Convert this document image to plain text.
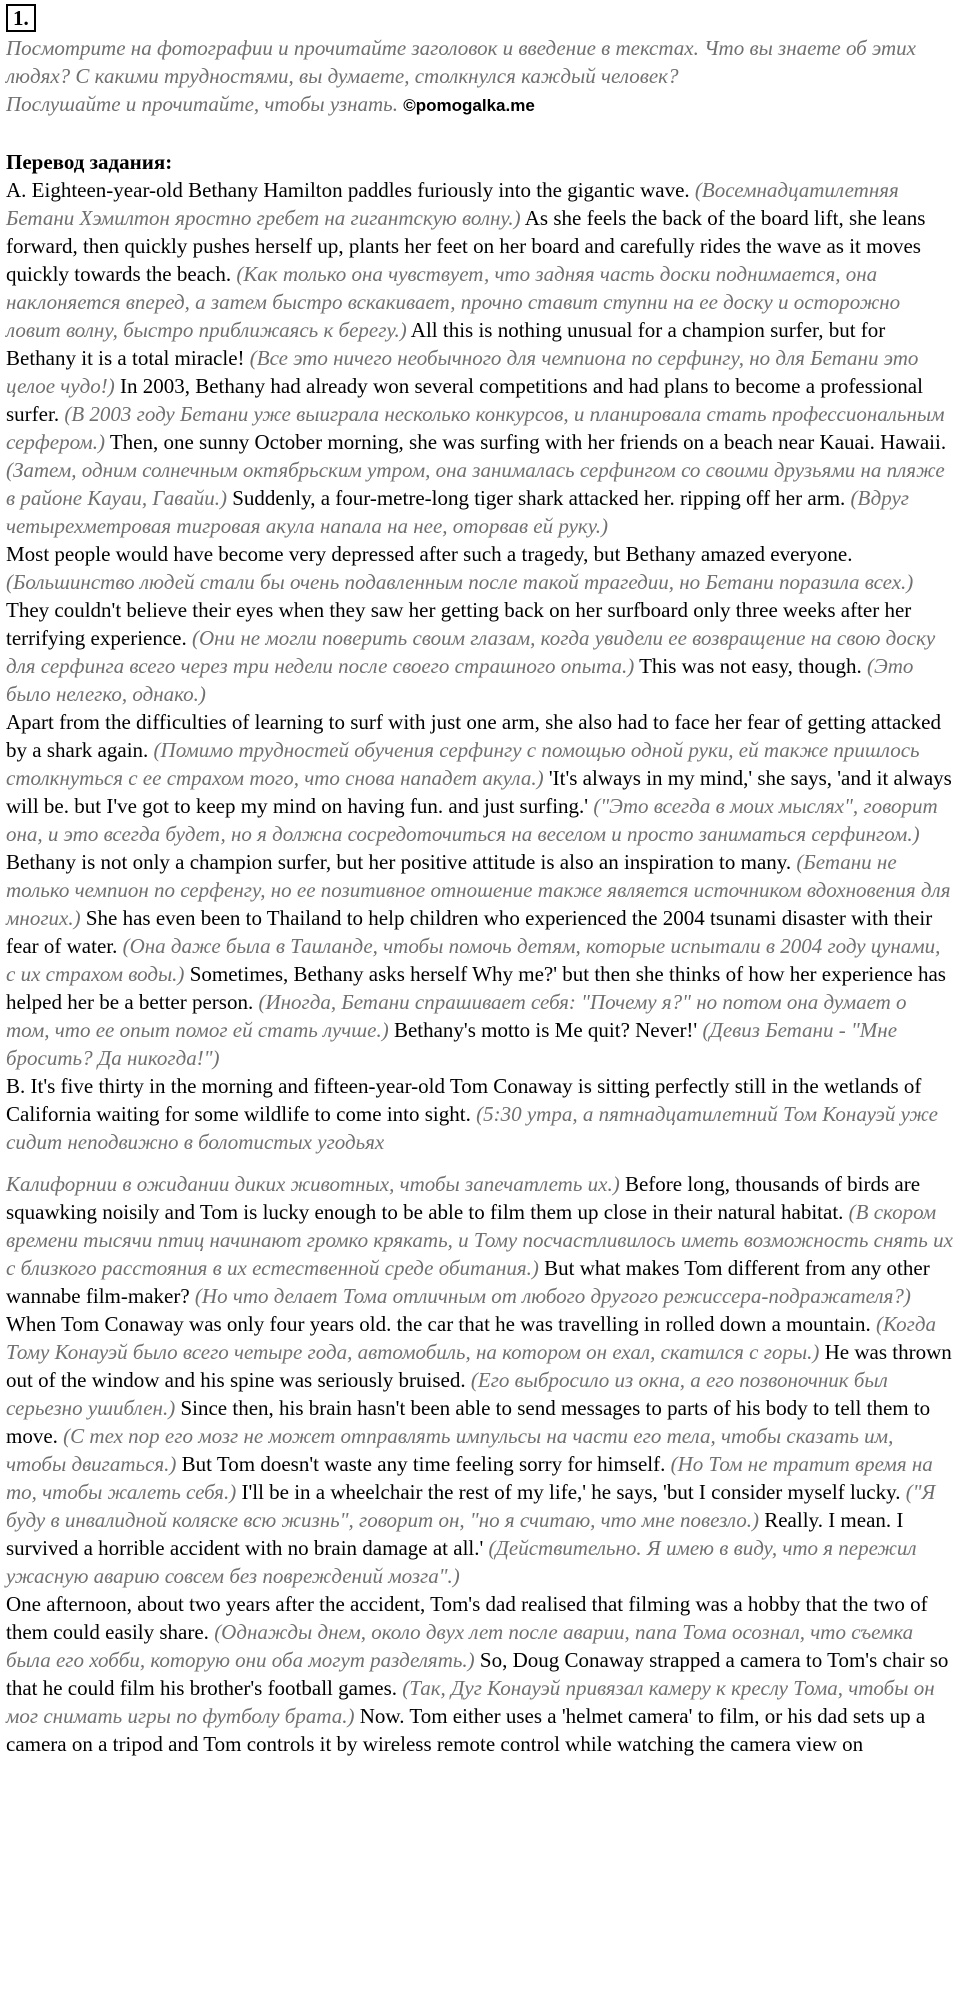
1.

Посмотрите на фотографии и прочитайте заголовок и введение в текстах. Что вы знаете об этих людях? С какими трудностями, вы думаете, столкнулся каждый человек?

Послушайте и прочитайте, чтобы узнать. ©pomogalka.me

Перевод задания:

A. Eighteen-year-old Bethany Hamilton paddles furiously into the gigantic wave. (Восемнадцатилетняя Бетани Хэмилтон яростно гребет на гигантскую волну.) As she feels the back of the board lift, she leans forward, then quickly pushes herself up, plants her feet on her board and carefully rides the wave as it moves quickly towards the beach. (Как только она чувствует, что задняя часть доски поднимается, она наклоняется вперед, а затем быстро вскакивает, прочно ставит ступни на ее доску и осторожно ловит волну, быстро приближаясь к берегу.) All this is nothing unusual for a champion surfer, but for Bethany it is a total miracle! (Все это ничего необычного для чемпиона по серфингу, но для Бетани это целое чудо!) In 2003, Bethany had already won several competitions and had plans to become a professional surfer. (В 2003 году Бетани уже выиграла несколько конкурсов, и планировала стать профессиональным серфером.) Then, one sunny October morning, she was surfing with her friends on a beach near Kauai. Hawaii. (Затем, одним солнечным октябрьским утром, она занималась серфингом со своими друзьями на пляже в районе Кауаи, Гавайи.) Suddenly, a four-metre-long tiger shark attacked her. ripping off her arm. (Вдруг четырехметровая тигровая акула напала на нее, оторвав ей руку.)

Most people would have become very depressed after such a tragedy, but Bethany amazed everyone. (Большинство людей стали бы очень подавленным после такой трагедии, но Бетани поразила всех.) They couldn't believe their eyes when they saw her getting back on her surfboard only three weeks after her terrifying experience. (Они не могли поверить своим глазам, когда увидели ее возвращение на свою доску для серфинга всего через три недели после своего страшного опыта.) This was not easy, though. (Это было нелегко, однако.)

Apart from the difficulties of learning to surf with just one arm, she also had to face her fear of getting attacked by a shark again. (Помимо трудностей обучения серфингу с помощью одной руки, ей также пришлось столкнуться с ее страхом того, что снова нападет акула.) 'It's always in my mind,' she says, 'and it always will be. but I've got to keep my mind on having fun. and just surfing.' ("Это всегда в моих мыслях", говорит она, и это всегда будет, но я должна сосредоточиться на веселом и просто заниматься серфингом.) Bethany is not only a champion surfer, but her positive attitude is also an inspiration to many. (Бетани не только чемпион по серфенгу, но ее позитивное отношение также является источником вдохновения для многих.) She has even been to Thailand to help children who experienced the 2004 tsunami disaster with their fear of water. (Она даже была в Таиланде, чтобы помочь детям, которые испытали в 2004 году цунами, с их страхом воды.) Sometimes, Bethany asks herself Why me?' but then she thinks of how her experience has helped her be a better person. (Иногда, Бетани спрашивает себя: "Почему я?" но потом она думает о том, что ее опыт помог ей стать лучше.) Bethany's motto is Me quit? Never!' (Девиз Бетани - "Мне бросить? Да никогда!")

B. It's five thirty in the morning and fifteen-year-old Tom Conaway is sitting perfectly still in the wetlands of California waiting for some wildlife to come into sight. (5:30 утра, а пятнадцатилетний Том Конауэй уже сидит неподвижно в болотистых угодьях

Калифорнии в ожидании диких животных, чтобы запечатлеть их.) Before long, thousands of birds are squawking noisily and Tom is lucky enough to be able to film them up close in their natural habitat. (В скором времени тысячи птиц начинают громко крякать, и Тому посчастливилось иметь возможность снять их с близкого расстояния в их естественной среде обитания.) But what makes Tom different from any other wannabe film-maker? (Но что делает Тома отличным от любого другого режиссера-подражателя?) When Tom Conaway was only four years old. the car that he was travelling in rolled down a mountain. (Когда Тому Конауэй было всего четыре года, автомобиль, на котором он ехал, скатился с горы.) He was thrown out of the window and his spine was seriously bruised. (Его выбросило из окна, а его позвоночник был серьезно ушиблен.) Since then, his brain hasn't been able to send messages to parts of his body to tell them to move. (С тех пор его мозг не может отправлять импульсы на части его тела, чтобы сказать им, чтобы двигаться.) But Tom doesn't waste any time feeling sorry for himself. (Но Том не тратит время на то, чтобы жалеть себя.) I'll be in a wheelchair the rest of my life,' he says, 'but I consider myself lucky. ("Я буду в инвалидной коляске всю жизнь", говорит он, "но я считаю, что мне повезло.) Really. I mean. I survived a horrible accident with no brain damage at all.' (Действительно. Я имею в виду, что я пережил ужасную аварию совсем без повреждений мозга".)

One afternoon, about two years after the accident, Tom's dad realised that filming was a hobby that the two of them could easily share. (Однажды днем, около двух лет после аварии, папа Тома осознал, что съемка была его хобби, которую они оба могут разделять.) So, Doug Conaway strapped a camera to Tom's chair so that he could film his brother's football games. (Так, Дуг Конауэй привязал камеру к креслу Тома, чтобы он мог снимать игры по футболу брата.) Now. Tom either uses a 'helmet camera' to film, or his dad sets up a camera on a tripod and Tom controls it by wireless remote control while watching the camera view on
